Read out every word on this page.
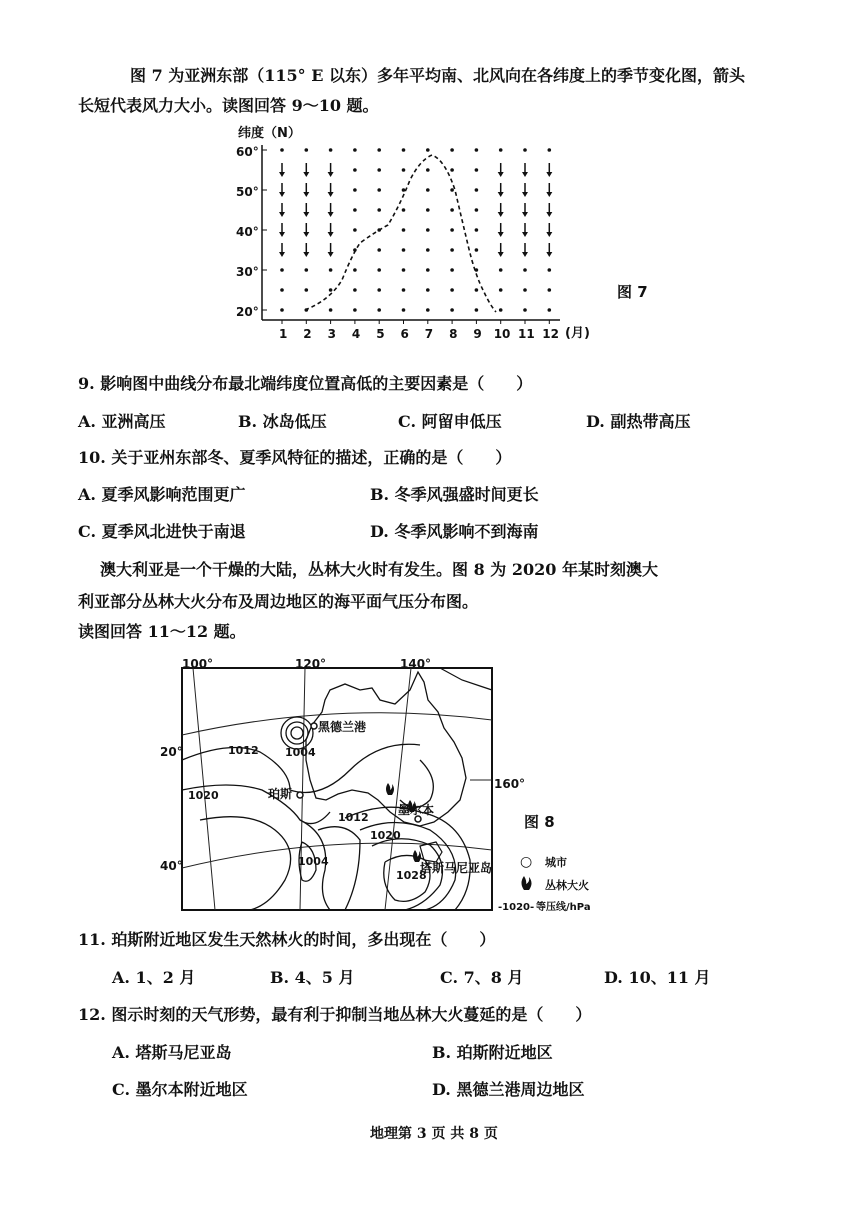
图 7 为亚洲东部（115° E 以东）多年平均南、北风向在各纬度上的季节变化图，箭头
长短代表风力大小。读图回答 9～10 题。
纬度（N）
60°
50°
40°
30°
20°
1 2 3 4 5 6 7 8 9 10 11 12 (月)
图 7
9. 影响图中曲线分布最北端纬度位置高低的主要因素是（　　）
A. 亚洲高压	B. 冰岛低压	C. 阿留申低压	D. 副热带高压
10. 关于亚州东部冬、夏季风特征的描述，正确的是（　　）
A. 夏季风影响范围更广	B. 冬季风强盛时间更长
C. 夏季风北进快于南退	D. 冬季风影响不到海南
澳大利亚是一个干燥的大陆，丛林大火时有发生。图 8 为 2020 年某时刻澳大
利亚部分丛林大火分布及周边地区的海平面气压分布图。
读图回答 11～12 题。
100°	120°	140°
20°
40°
160°
1012 1004
1020
1012
1020
1004
1028
黑德兰港
珀斯
墨尔本
塔斯马尼亚岛
图 8
○ 城市
丛林大火
-1020- 等压线/hPa
11. 珀斯附近地区发生天然林火的时间，多出现在（　　）
A. 1、2 月	B. 4、5 月	C. 7、8 月	D. 10、11 月
12. 图示时刻的天气形势，最有利于抑制当地丛林大火蔓延的是（　　）
A. 塔斯马尼亚岛	B. 珀斯附近地区
C. 墨尔本附近地区	D. 黑德兰港周边地区
地理第 3 页 共 8 页
